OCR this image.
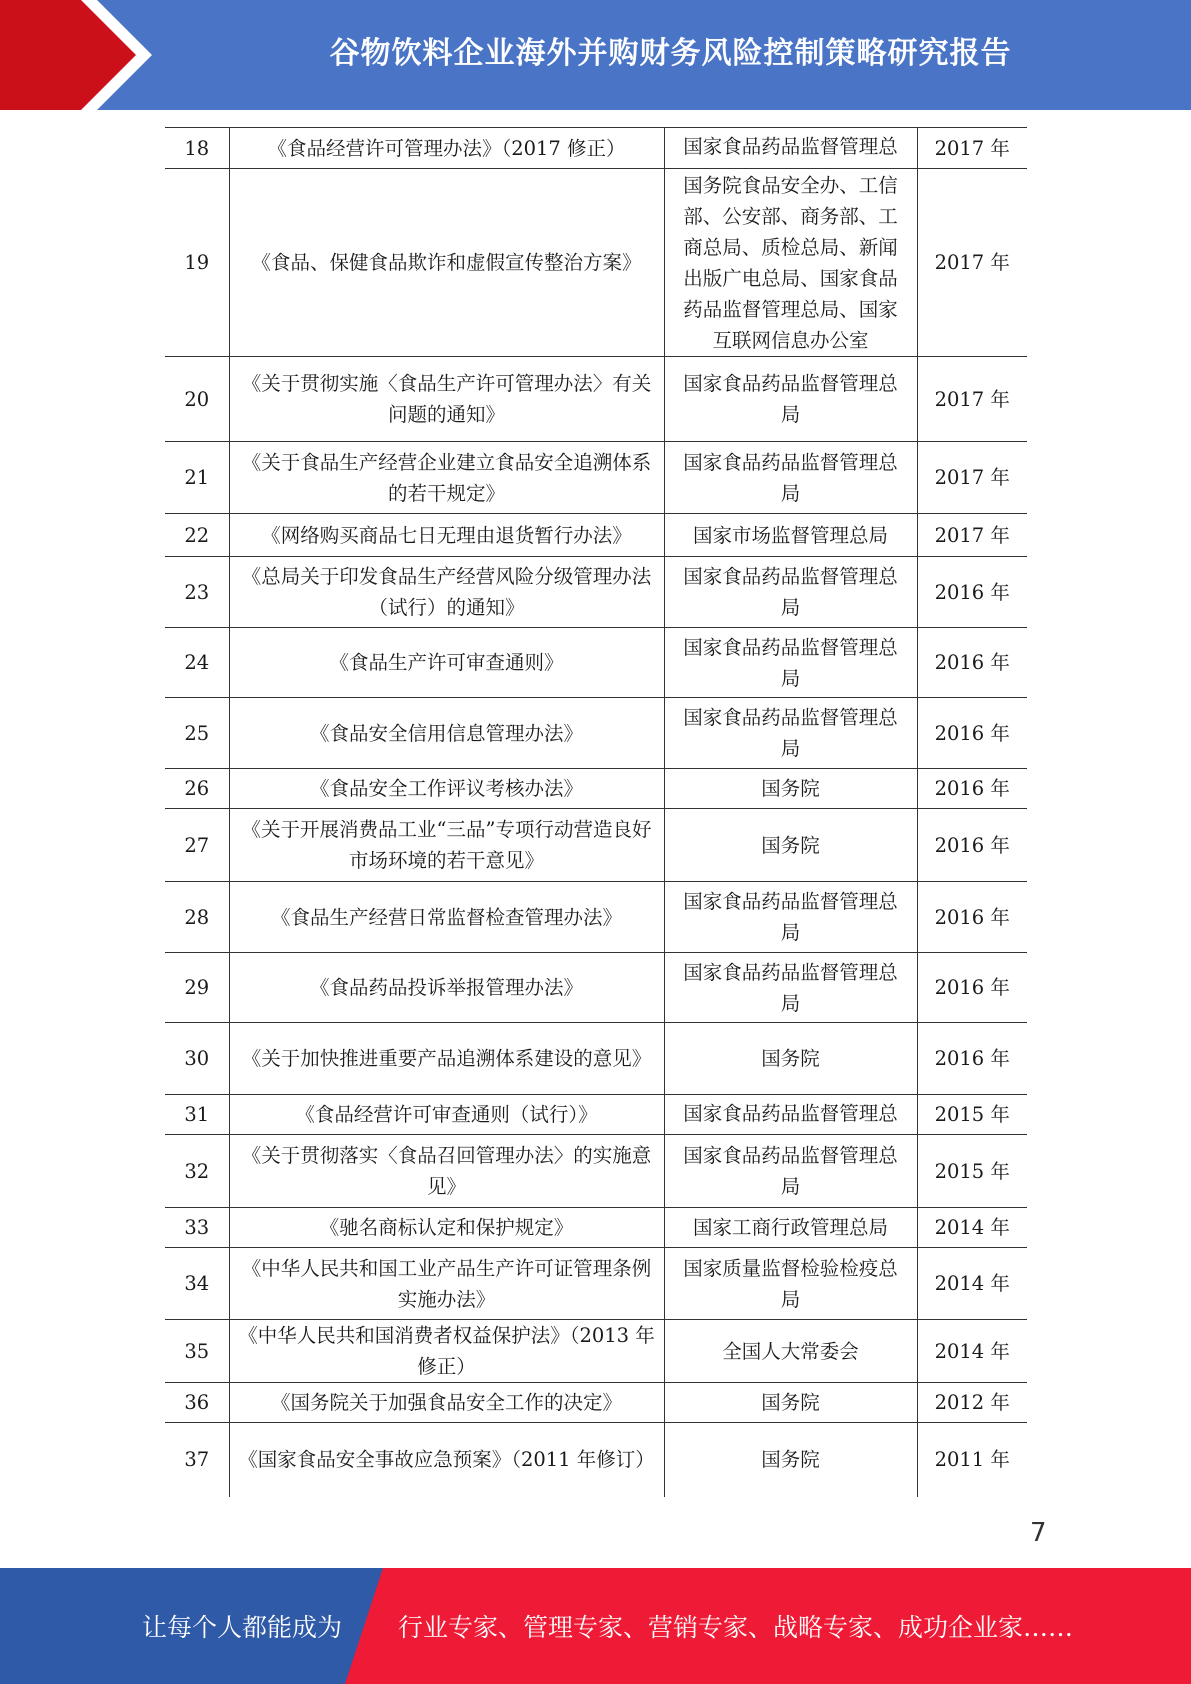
谷物饮料企业海外并购财务风险控制策略研究报告
18	《食品经营许可管理办法》（2017 修正）	国家食品药品监督管理总	2017 年
19	《食品、保健食品欺诈和虚假宣传整治方案》	国务院食品安全办、工信部、公安部、商务部、工商总局、质检总局、新闻出版广电总局、国家食品药品监督管理总局、国家互联网信息办公室	2017 年
20	《关于贯彻实施〈食品生产许可管理办法〉有关问题的通知》	国家食品药品监督管理总局	2017 年
21	《关于食品生产经营企业建立食品安全追溯体系的若干规定》	国家食品药品监督管理总局	2017 年
22	《网络购买商品七日无理由退货暂行办法》	国家市场监督管理总局	2017 年
23	《总局关于印发食品生产经营风险分级管理办法（试行）的通知》	国家食品药品监督管理总局	2016 年
24	《食品生产许可审查通则》	国家食品药品监督管理总局	2016 年
25	《食品安全信用信息管理办法》	国家食品药品监督管理总局	2016 年
26	《食品安全工作评议考核办法》	国务院	2016 年
27	《关于开展消费品工业“三品”专项行动营造良好市场环境的若干意见》	国务院	2016 年
28	《食品生产经营日常监督检查管理办法》	国家食品药品监督管理总局	2016 年
29	《食品药品投诉举报管理办法》	国家食品药品监督管理总局	2016 年
30	《关于加快推进重要产品追溯体系建设的意见》	国务院	2016 年
31	《食品经营许可审查通则（试行）》	国家食品药品监督管理总	2015 年
32	《关于贯彻落实〈食品召回管理办法〉的实施意见》	国家食品药品监督管理总局	2015 年
33	《驰名商标认定和保护规定》	国家工商行政管理总局	2014 年
34	《中华人民共和国工业产品生产许可证管理条例实施办法》	国家质量监督检验检疫总局	2014 年
35	《中华人民共和国消费者权益保护法》（2013 年修正）	全国人大常委会	2014 年
36	《国务院关于加强食品安全工作的决定》	国务院	2012 年
37	《国家食品安全事故应急预案》（2011 年修订）	国务院	2011 年
7
让每个人都能成为 行业专家、管理专家、营销专家、战略专家、成功企业家……
